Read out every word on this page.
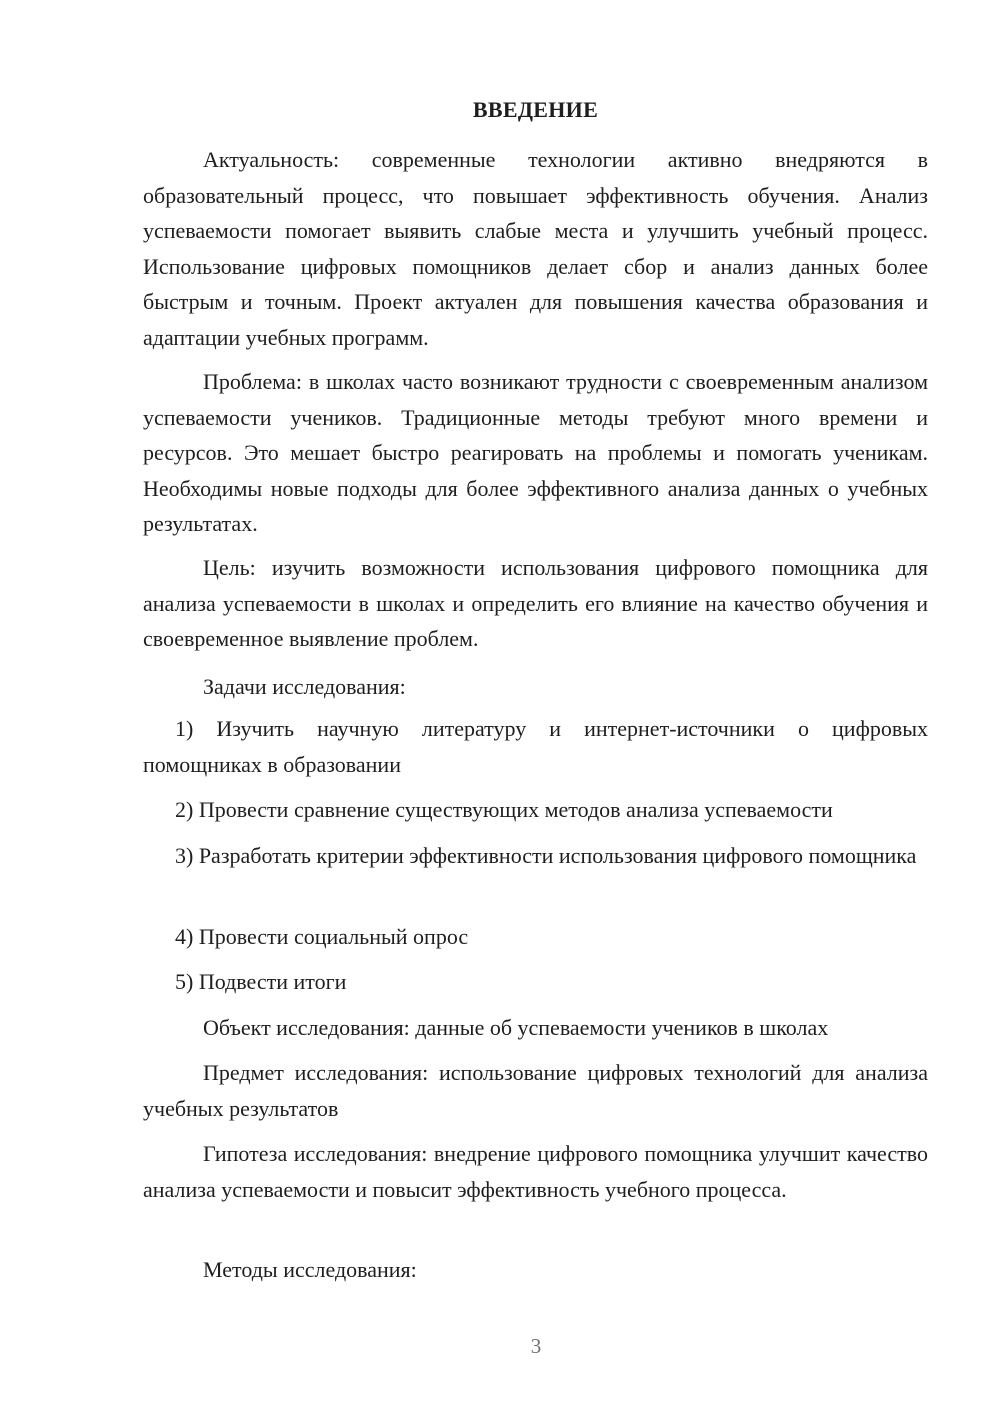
ВВЕДЕНИЕ

Актуальность: современные технологии активно внедряются в образовательный процесс, что повышает эффективность обучения. Анализ успеваемости помогает выявить слабые места и улучшить учебный процесс. Использование цифровых помощников делает сбор и анализ данных более быстрым и точным. Проект актуален для повышения качества образования и адаптации учебных программ.

Проблема: в школах часто возникают трудности с своевременным анализом успеваемости учеников. Традиционные методы требуют много времени и ресурсов. Это мешает быстро реагировать на проблемы и помогать ученикам. Необходимы новые подходы для более эффективного анализа данных о учебных результатах.

Цель: изучить возможности использования цифрового помощника для анализа успеваемости в школах и определить его влияние на качество обучения и своевременное выявление проблем.

Задачи исследования:

1) Изучить научную литературу и интернет-источники о цифровых помощниках в образовании

2) Провести сравнение существующих методов анализа успеваемости

3) Разработать критерии эффективности использования цифрового помощника

4) Провести социальный опрос

5) Подвести итоги

Объект исследования: данные об успеваемости учеников в школах

Предмет исследования: использование цифровых технологий для анализа учебных результатов

Гипотеза исследования: внедрение цифрового помощника улучшит качество анализа успеваемости и повысит эффективность учебного процесса.

Методы исследования:

3
